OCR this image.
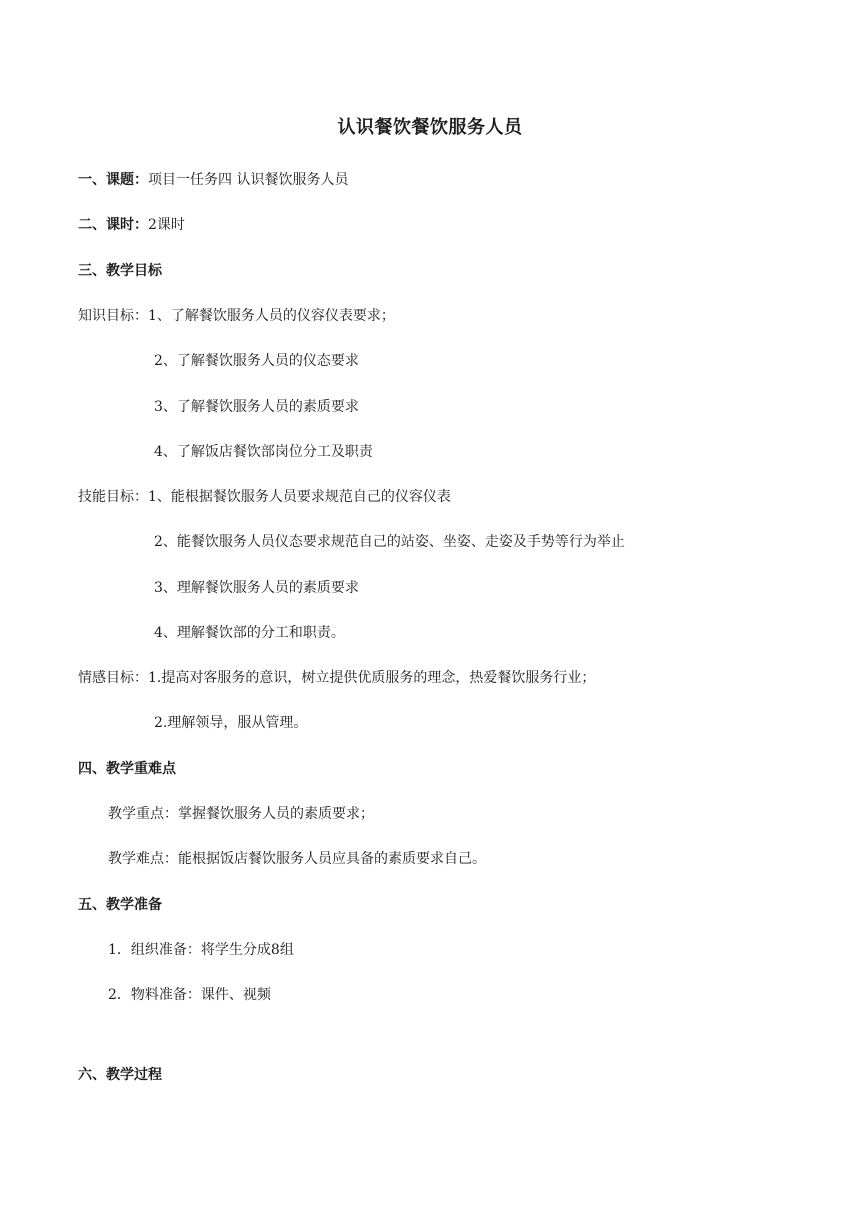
认识餐饮餐饮服务人员
一、课题：项目一任务四 认识餐饮服务人员
二、课时：2课时
三、教学目标
知识目标：1、了解餐饮服务人员的仪容仪表要求；
2、了解餐饮服务人员的仪态要求
3、了解餐饮服务人员的素质要求
4、了解饭店餐饮部岗位分工及职责
技能目标：1、能根据餐饮服务人员要求规范自己的仪容仪表
2、能餐饮服务人员仪态要求规范自己的站姿、坐姿、走姿及手势等行为举止
3、理解餐饮服务人员的素质要求
4、理解餐饮部的分工和职责。
情感目标：1.提高对客服务的意识，树立提供优质服务的理念，热爱餐饮服务行业；
2.理解领导，服从管理。
四、教学重难点
教学重点：掌握餐饮服务人员的素质要求；
教学难点：能根据饭店餐饮服务人员应具备的素质要求自己。
五、教学准备
1．组织准备：将学生分成8组
2．物料准备：课件、视频
六、教学过程
